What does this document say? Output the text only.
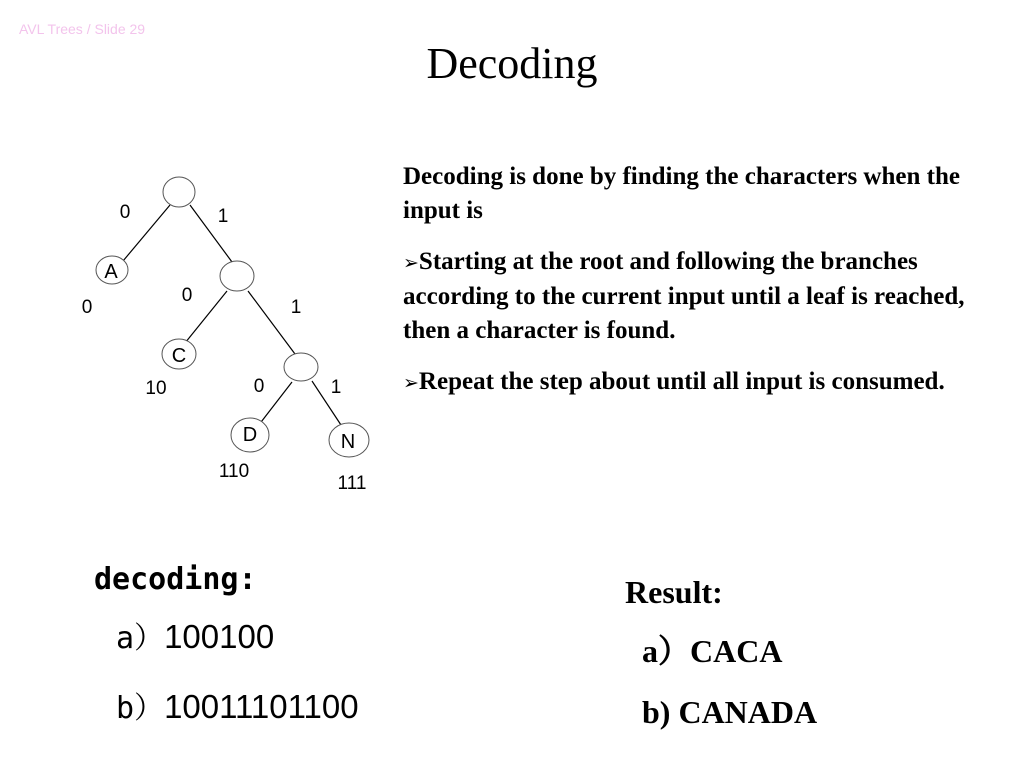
AVL Trees / Slide 29
Decoding
A
C
D	N
0	1
0
1
0	1
0
10
110
111

Decoding is done by finding the characters when the input is

➢Starting at the root and following the branches according to the current input until a leaf is reached, then a character is found.

➢Repeat the step about until all input is consumed.

decoding:
a）100100
b）10011101100
Result:
a）CACA
b) CANADA
